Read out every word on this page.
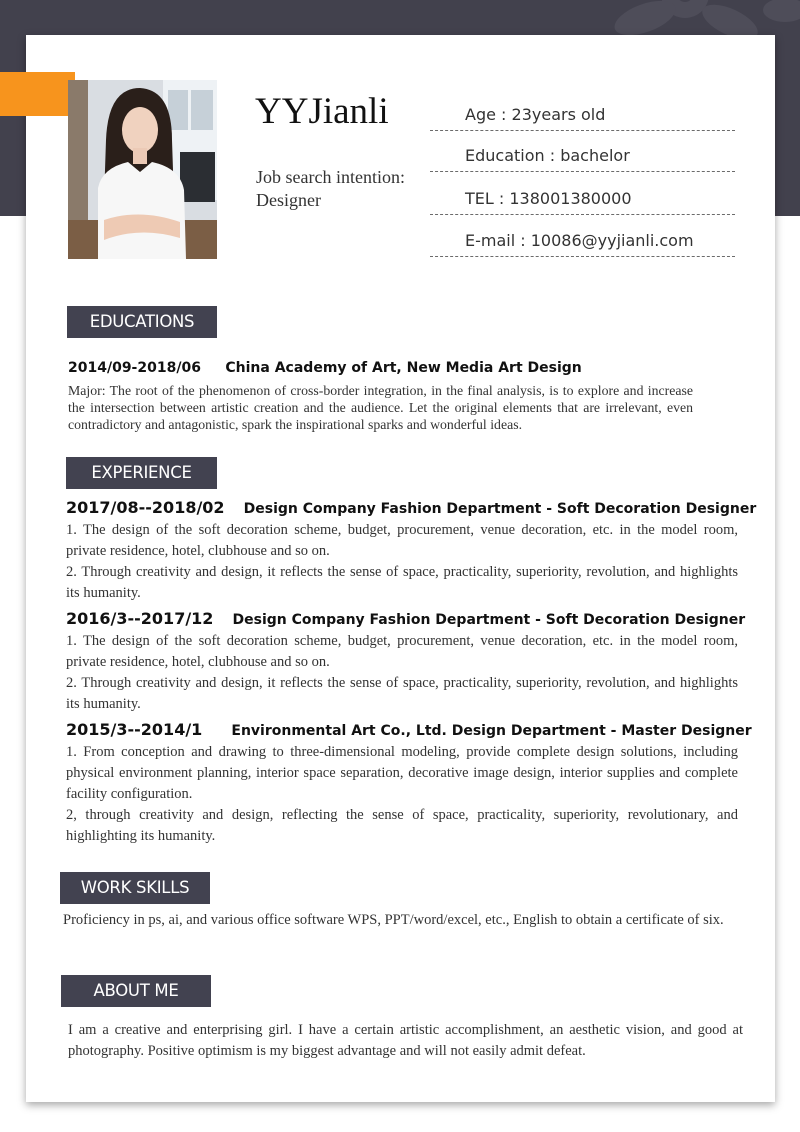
YYJianli
Job search intention:
Designer
Age : 23years old
Education : bachelor
TEL : 138001380000
E-mail : 10086@yyjianli.com
EDUCATIONS
2014/09-2018/06 China Academy of Art, New Media Art Design
Major: The root of the phenomenon of cross-border integration, in the final analysis, is to explore and increase the intersection between artistic creation and the audience. Let the original elements that are irrelevant, even contradictory and antagonistic, spark the inspirational sparks and wonderful ideas.
EXPERIENCE
2017/08--2018/02 Design Company Fashion Department - Soft Decoration Designer

1. The design of the soft decoration scheme, budget, procurement, venue decoration, etc. in the model room, private residence, hotel, clubhouse and so on.

2. Through creativity and design, it reflects the sense of space, practicality, superiority, revolution, and highlights its humanity.

2016/3--2017/12 Design Company Fashion Department - Soft Decoration Designer

1. The design of the soft decoration scheme, budget, procurement, venue decoration, etc. in the model room, private residence, hotel, clubhouse and so on.

2. Through creativity and design, it reflects the sense of space, practicality, superiority, revolution, and highlights its humanity.

2015/3--2014/1 Environmental Art Co., Ltd. Design Department - Master Designer

1. From conception and drawing to three-dimensional modeling, provide complete design solutions, including physical environment planning, interior space separation, decorative image design, interior supplies and complete facility configuration.

2, through creativity and design, reflecting the sense of space, practicality, superiority, revolutionary, and highlighting its humanity.

WORK SKILLS
Proficiency in ps, ai, and various office software WPS, PPT/word/excel, etc., English to obtain a certificate of six.
ABOUT ME
I am a creative and enterprising girl. I have a certain artistic accomplishment, an aesthetic vision, and good at photography. Positive optimism is my biggest advantage and will not easily admit defeat.
